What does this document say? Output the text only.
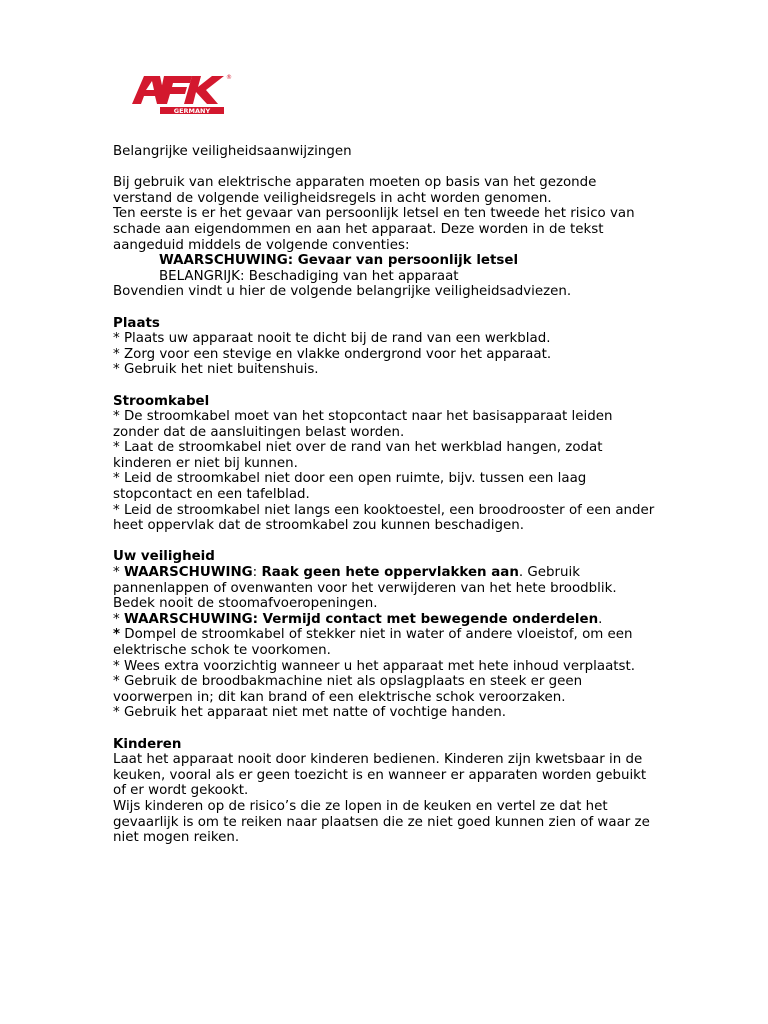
GERMANY
®

Belangrijke veiligheidsaanwijzingen

Bij gebruik van elektrische apparaten moeten op basis van het gezonde verstand de volgende veiligheidsregels in acht worden genomen.

Ten eerste is er het gevaar van persoonlijk letsel en ten tweede het risico van schade aan eigendommen en aan het apparaat. Deze worden in de tekst aangeduid middels de volgende conventies:

WAARSCHUWING: Gevaar van persoonlijk letsel

BELANGRIJK: Beschadiging van het apparaat

Bovendien vindt u hier de volgende belangrijke veiligheidsadviezen.

Plaats

* Plaats uw apparaat nooit te dicht bij de rand van een werkblad.

* Zorg voor een stevige en vlakke ondergrond voor het apparaat.

* Gebruik het niet buitenshuis.

Stroomkabel

* De stroomkabel moet van het stopcontact naar het basisapparaat leiden zonder dat de aansluitingen belast worden.

* Laat de stroomkabel niet over de rand van het werkblad hangen, zodat kinderen er niet bij kunnen.

* Leid de stroomkabel niet door een open ruimte, bijv. tussen een laag stopcontact en een tafelblad.

* Leid de stroomkabel niet langs een kooktoestel, een broodrooster of een ander heet oppervlak dat de stroomkabel zou kunnen beschadigen.

Uw veiligheid

* WAARSCHUWING: Raak geen hete oppervlakken aan. Gebruik pannenlappen of ovenwanten voor het verwijderen van het hete broodblik. Bedek nooit de stoomafvoeropeningen.

* WAARSCHUWING: Vermijd contact met bewegende onderdelen.

* Dompel de stroomkabel of stekker niet in water of andere vloeistof, om een elektrische schok te voorkomen.

* Wees extra voorzichtig wanneer u het apparaat met hete inhoud verplaatst.

* Gebruik de broodbakmachine niet als opslagplaats en steek er geen voorwerpen in; dit kan brand of een elektrische schok veroorzaken.

* Gebruik het apparaat niet met natte of vochtige handen.

Kinderen

Laat het apparaat nooit door kinderen bedienen. Kinderen zijn kwetsbaar in de keuken, vooral als er geen toezicht is en wanneer er apparaten worden gebuikt of er wordt gekookt.

Wijs kinderen op de risico’s die ze lopen in de keuken en vertel ze dat het gevaarlijk is om te reiken naar plaatsen die ze niet goed kunnen zien of waar ze niet mogen reiken.
